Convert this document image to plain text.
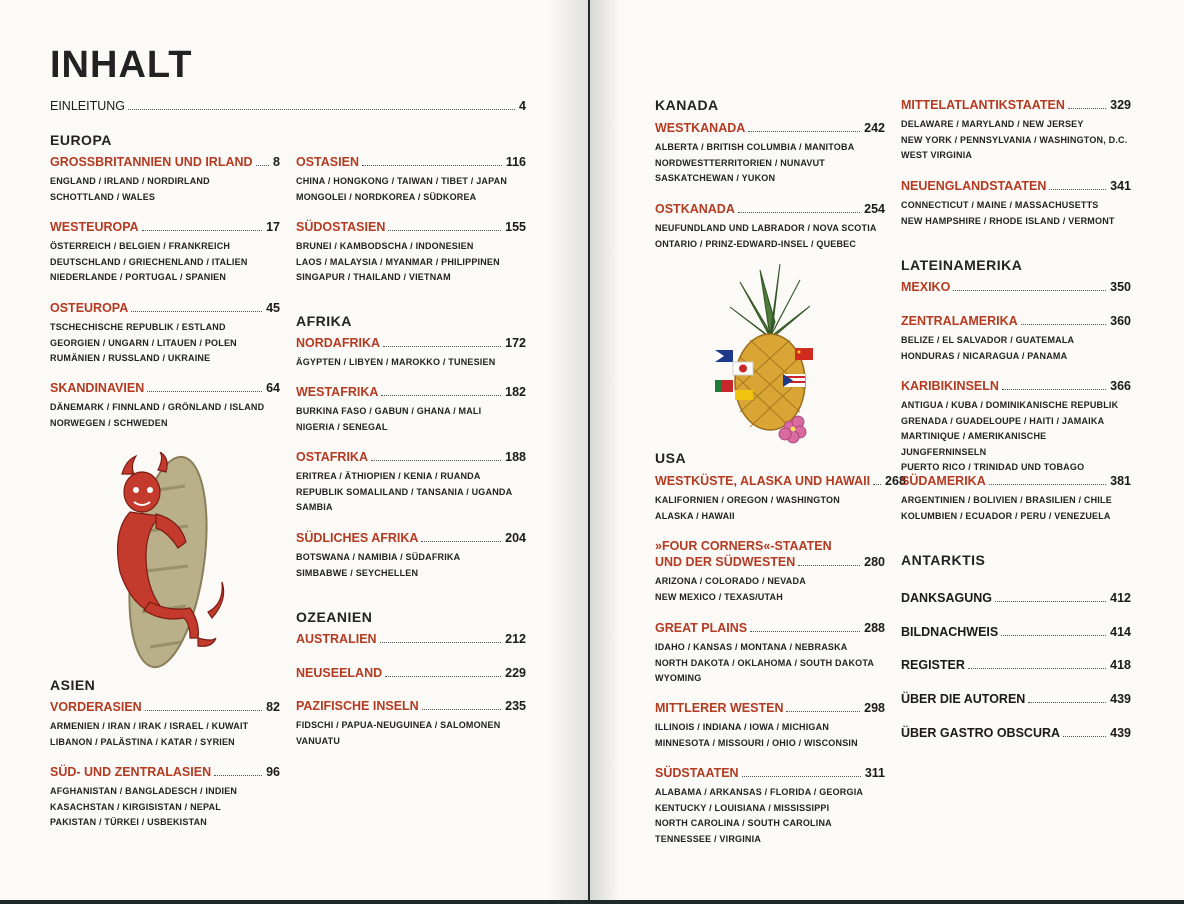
INHALT
EINLEITUNG	4
EUROPA
GROSSBRITANNIEN UND IRLAND 8
ENGLAND / IRLAND / NORDIRLAND
SCHOTTLAND / WALES
WESTEUROPA	17
ÖSTERREICH / BELGIEN / FRANKREICH
DEUTSCHLAND / GRIECHENLAND / ITALIEN
NIEDERLANDE / PORTUGAL / SPANIEN
OSTEUROPA	45
TSCHECHISCHE REPUBLIK / ESTLAND
GEORGIEN / UNGARN / LITAUEN / POLEN
RUMÄNIEN / RUSSLAND / UKRAINE
SKANDINAVIEN	64
DÄNEMARK / FINNLAND / GRÖNLAND / ISLAND
NORWEGEN / SCHWEDEN
ASIEN
VORDERASIEN	82
ARMENIEN / IRAN / IRAK / ISRAEL / KUWAIT
LIBANON / PALÄSTINA / KATAR / SYRIEN
SÜD- UND ZENTRALASIEN	96
AFGHANISTAN / BANGLADESCH / INDIEN
KASACHSTAN / KIRGISISTAN / NEPAL
PAKISTAN / TÜRKEI / USBEKISTAN
OSTASIEN	116
CHINA / HONGKONG / TAIWAN / TIBET / JAPAN
MONGOLEI / NORDKOREA / SÜDKOREA
SÜDOSTASIEN	155
BRUNEI / KAMBODSCHA / INDONESIEN
LAOS / MALAYSIA / MYANMAR / PHILIPPINEN
SINGAPUR / THAILAND / VIETNAM
AFRIKA
NORDAFRIKA	172
ÄGYPTEN / LIBYEN / MAROKKO / TUNESIEN
WESTAFRIKA	182
BURKINA FASO / GABUN / GHANA / MALI
NIGERIA / SENEGAL
OSTAFRIKA	188
ERITREA / ÄTHIOPIEN / KENIA / RUANDA
REPUBLIK SOMALILAND / TANSANIA / UGANDA
SAMBIA
SÜDLICHES AFRIKA	204
BOTSWANA / NAMIBIA / SÜDAFRIKA
SIMBABWE / SEYCHELLEN
OZEANIEN
AUSTRALIEN	212
NEUSEELAND	229
PAZIFISCHE INSELN	235
FIDSCHI / PAPUA-NEUGUINEA / SALOMONEN
VANUATU
KANADA
WESTKANADA	242
ALBERTA / BRITISH COLUMBIA / MANITOBA
NORDWESTTERRITORIEN / NUNAVUT
SASKATCHEWAN / YUKON
OSTKANADA	254
NEUFUNDLAND UND LABRADOR / NOVA SCOTIA
ONTARIO / PRINZ-EDWARD-INSEL / QUEBEC
USA
WESTKÜSTE, ALASKA UND HAWAII 268
KALIFORNIEN / OREGON / WASHINGTON
ALASKA / HAWAII
»FOUR CORNERS«-STAATEN
UND DER SÜDWESTEN	280
ARIZONA / COLORADO / NEVADA
NEW MEXICO / TEXAS/UTAH
GREAT PLAINS	288
IDAHO / KANSAS / MONTANA / NEBRASKA
NORTH DAKOTA / OKLAHOMA / SOUTH DAKOTA
WYOMING
MITTLERER WESTEN	298
ILLINOIS / INDIANA / IOWA / MICHIGAN
MINNESOTA / MISSOURI / OHIO / WISCONSIN
SÜDSTAATEN	311
ALABAMA / ARKANSAS / FLORIDA / GEORGIA
KENTUCKY / LOUISIANA / MISSISSIPPI
NORTH CAROLINA / SOUTH CAROLINA
TENNESSEE / VIRGINIA
MITTELATLANTIKSTAATEN	329
DELAWARE / MARYLAND / NEW JERSEY
NEW YORK / PENNSYLVANIA / WASHINGTON, D.C.
WEST VIRGINIA
NEUENGLANDSTAATEN	341
CONNECTICUT / MAINE / MASSACHUSETTS
NEW HAMPSHIRE / RHODE ISLAND / VERMONT
LATEINAMERIKA
MEXIKO	350
ZENTRALAMERIKA	360
BELIZE / EL SALVADOR / GUATEMALA
HONDURAS / NICARAGUA / PANAMA
KARIBIKINSELN	366
ANTIGUA / KUBA / DOMINIKANISCHE REPUBLIK
GRENADA / GUADELOUPE / HAITI / JAMAIKA
MARTINIQUE / AMERIKANISCHE JUNGFERNINSELN
PUERTO RICO / TRINIDAD UND TOBAGO
SÜDAMERIKA	381
ARGENTINIEN / BOLIVIEN / BRASILIEN / CHILE
KOLUMBIEN / ECUADOR / PERU / VENEZUELA
ANTARKTIS
DANKSAGUNG	412
BILDNACHWEIS	414
REGISTER	418
ÜBER DIE AUTOREN	439
ÜBER GASTRO OBSCURA	439
